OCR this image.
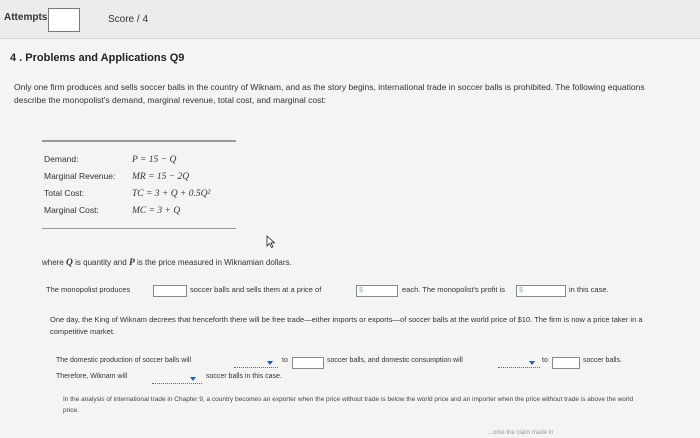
Attempts	Score / 4
4 . Problems and Applications Q9
Only one firm produces and sells soccer balls in the country of Wiknam, and as the story begins, international trade in soccer balls is prohibited. The following equations describe the monopolist's demand, marginal revenue, total cost, and marginal cost:
Demand:	P = 15 − Q
Marginal Revenue: MR = 15 − 2Q
Total Cost:	TC = 3 + Q + 0.5Q²
Marginal Cost:	MC = 3 + Q
where Q is quantity and P is the price measured in Wiknamian dollars.
The monopolist produces	soccer balls and sells them at a price of	$	each. The monopolist's profit is	$	in this case.
One day, the King of Wiknam decrees that henceforth there will be free trade—either imports or exports—of soccer balls at the world price of $10. The firm is now a price taker in a competitive market.
The domestic production of soccer balls will	to	soccer balls, and domestic consumption will	to	soccer balls.
Therefore, Wiknam will	soccer balls in this case.
In the analysis of international trade in Chapter 9, a country becomes an exporter when the price without trade is below the world price and an importer when the price without trade is above the world price.
...ome the claim made in
